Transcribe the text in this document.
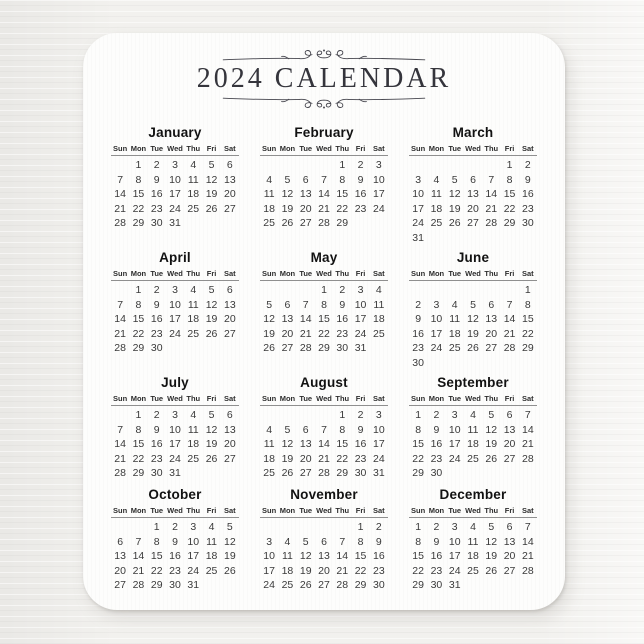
2024 CALENDAR
January
Sun	Mon	Tue	Wed	Thu	Fri	Sat
	1	2	3	4	5	6
7	8	9	10	11	12	13
14	15	16	17	18	19	20
21	22	23	24	25	26	27
28	29	30	31			
February
Sun	Mon	Tue	Wed	Thu	Fri	Sat
				1	2	3
4	5	6	7	8	9	10
11	12	13	14	15	16	17
18	19	20	21	22	23	24
25	26	27	28	29		
March
Sun	Mon	Tue	Wed	Thu	Fri	Sat
					1	2
3	4	5	6	7	8	9
10	11	12	13	14	15	16
17	18	19	20	21	22	23
24	25	26	27	28	29	30
31						
April
Sun	Mon	Tue	Wed	Thu	Fri	Sat
	1	2	3	4	5	6
7	8	9	10	11	12	13
14	15	16	17	18	19	20
21	22	23	24	25	26	27
28	29	30				
May
Sun	Mon	Tue	Wed	Thu	Fri	Sat
			1	2	3	4
5	6	7	8	9	10	11
12	13	14	15	16	17	18
19	20	21	22	23	24	25
26	27	28	29	30	31	
June
Sun	Mon	Tue	Wed	Thu	Fri	Sat
						1
2	3	4	5	6	7	8
9	10	11	12	13	14	15
16	17	18	19	20	21	22
23	24	25	26	27	28	29
30						
July
Sun	Mon	Tue	Wed	Thu	Fri	Sat
	1	2	3	4	5	6
7	8	9	10	11	12	13
14	15	16	17	18	19	20
21	22	23	24	25	26	27
28	29	30	31			
August
Sun	Mon	Tue	Wed	Thu	Fri	Sat
				1	2	3
4	5	6	7	8	9	10
11	12	13	14	15	16	17
18	19	20	21	22	23	24
25	26	27	28	29	30	31
September
Sun	Mon	Tue	Wed	Thu	Fri	Sat
1	2	3	4	5	6	7
8	9	10	11	12	13	14
15	16	17	18	19	20	21
22	23	24	25	26	27	28
29	30					
October
Sun	Mon	Tue	Wed	Thu	Fri	Sat
		1	2	3	4	5
6	7	8	9	10	11	12
13	14	15	16	17	18	19
20	21	22	23	24	25	26
27	28	29	30	31		
November
Sun	Mon	Tue	Wed	Thu	Fri	Sat
					1	2
3	4	5	6	7	8	9
10	11	12	13	14	15	16
17	18	19	20	21	22	23
24	25	26	27	28	29	30
December
Sun	Mon	Tue	Wed	Thu	Fri	Sat
1	2	3	4	5	6	7
8	9	10	11	12	13	14
15	16	17	18	19	20	21
22	23	24	25	26	27	28
29	30	31				
